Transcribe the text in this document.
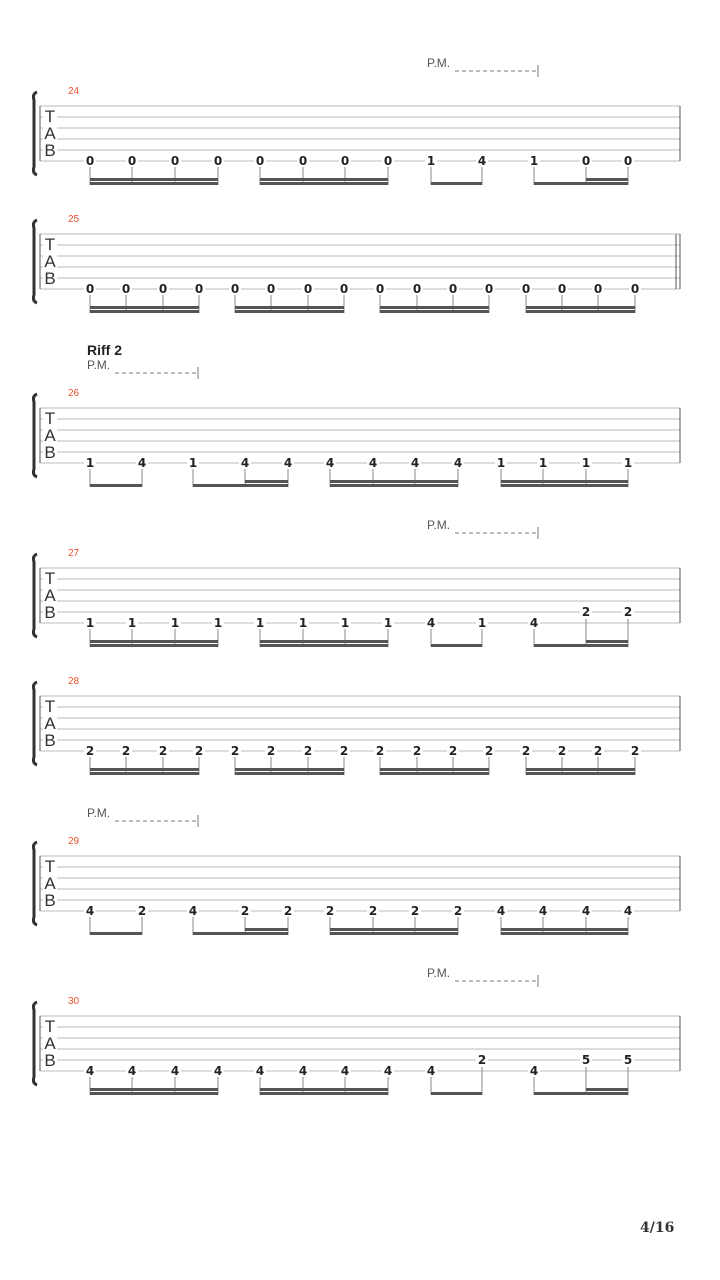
T
A
B
24
P.M.
0	0	0	0	0	0	0	0	1	4	1	0	0
T
A
B
25
0 0 0 0 0 0 0 0 0 0 0 0 0 0 0 0
T
A
B
26
Riff 2
P.M.
1	4	1	4	4	4	4	4	4	1	1	1	1
T
A
B
27
P.M.
1	1	1	1	1	1	1	1	4	1	4
2	2
T
A
B
28
2 2 2 2 2 2 2 2 2 2 2 2 2 2 2 2
T
A
B
29
P.M.
4	2	4	2	2	2	2	2	2	4	4	4	4
T
A
B
30
P.M.
4	4	4	4	4	4	4	4	4
2
4
5	5
4/16
